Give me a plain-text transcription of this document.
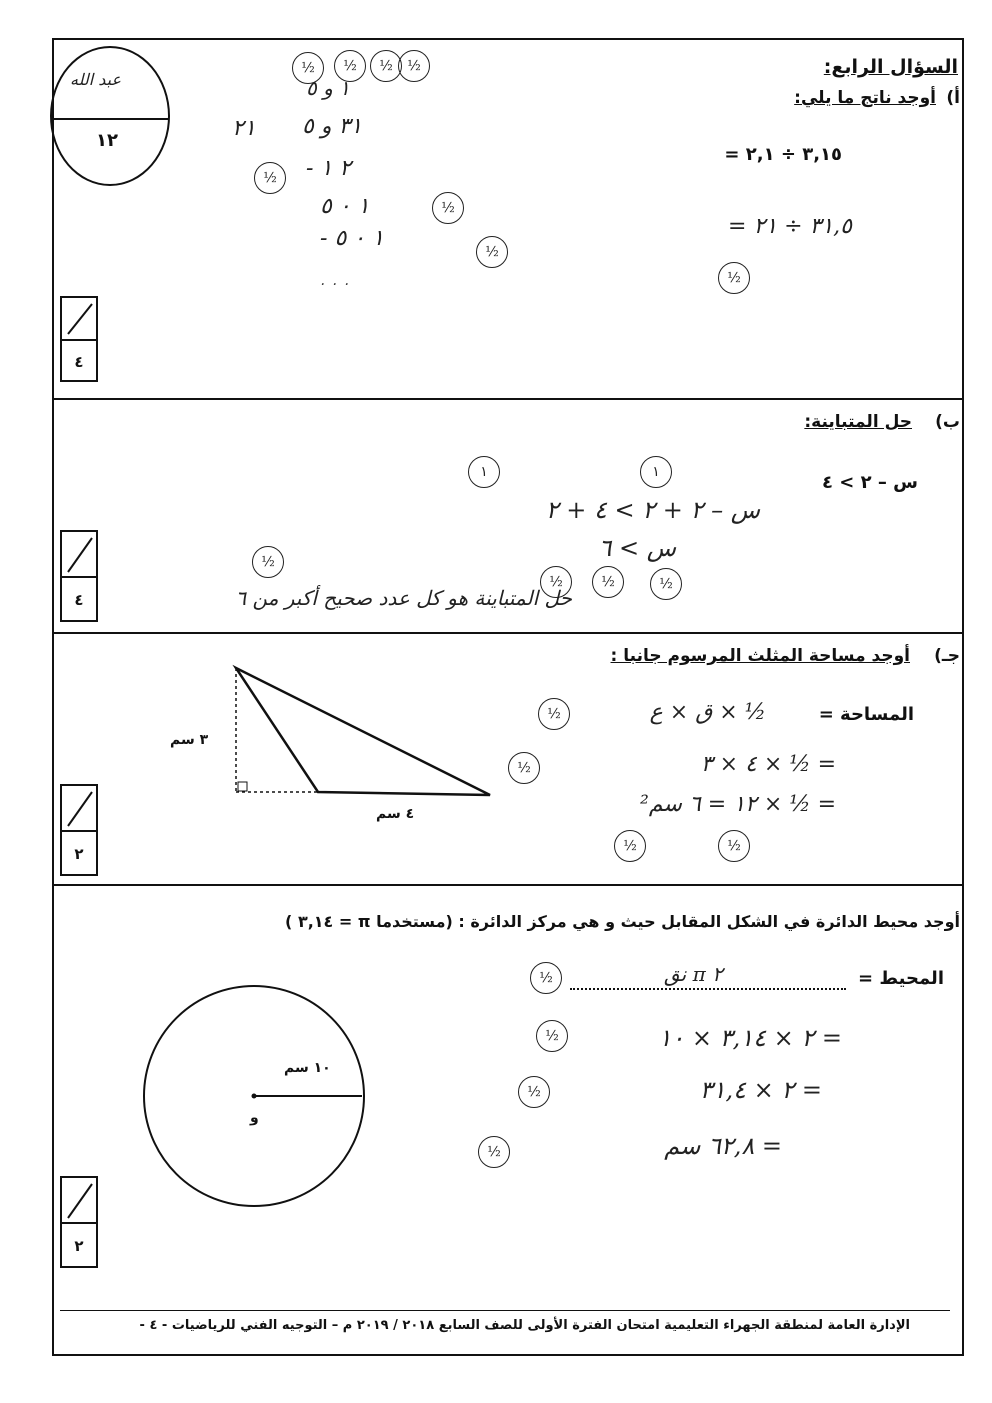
عبد الله
١٢
السؤال الرابع:
أ)
أوجد ناتج ما يلي:
٣,١٥ ÷ ٢,١ =
٣١,٥ ÷ ٢١ =
١ و ٥
٣١ و ٥
٢١
٢ ١ -
١ ٠ ٥
١ ٠ ٥ -
٠ ٠ ٠
٤
ب)
حل المتباينة:
س – ٢ > ٤
س – ٢ + ٢ > ٤ + ٢
س > ٦
حل المتباينة هو كل عدد صحيح أكبر من ٦
٤
جـ)
أوجد مساحة المثلث المرسوم جانبا :
٣ سم
٤ سم
المساحة =
½ × ق × ع
= ½ × ٤ × ٣
= ½ × ١٢ = ٦ سم²
٢
أوجد محيط الدائرة في الشكل المقابل حيث و هي مركز الدائرة : (مستخدما π = ٣,١٤ )
١٠ سم
و
المحيط =
٢ π نق
= ٢ × ٣,١٤ × ١٠
= ٢ × ٣١,٤
= ٦٢,٨ سم
٢
½	½	½	½
½
½
½
½
١	١
½
½	½	½
½
½
½	½
½
½
½
½
الإدارة العامة لمنطقة الجهراء التعليمية امتحان الفترة الأولى للصف السابع ٢٠١٨ / ٢٠١٩ م – التوجيه الفني للرياضيات - ٤ -
